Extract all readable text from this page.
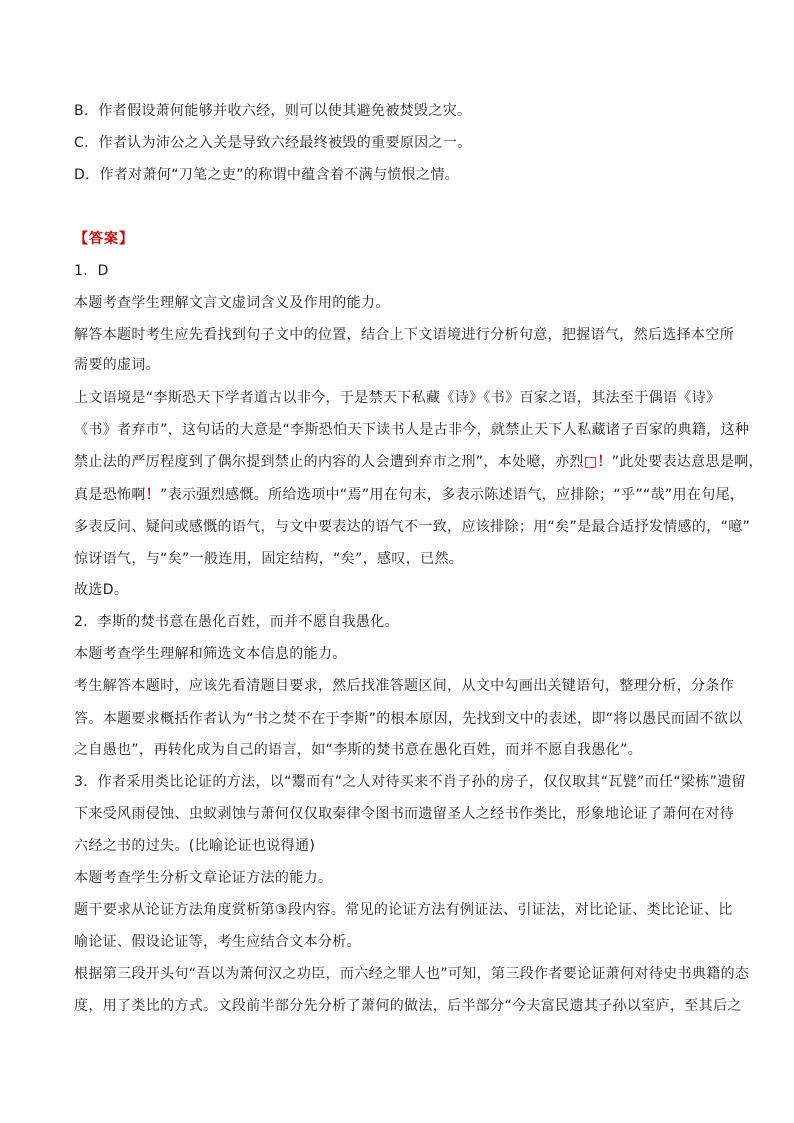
B．作者假设萧何能够并收六经，则可以使其避免被焚毁之灾。
C．作者认为沛公之入关是导致六经最终被毁的重要原因之一。
D．作者对萧何“刀笔之吏”的称谓中蕴含着不满与愤恨之情。
【答案】
1．D
本题考查学生理解文言文虚词含义及作用的能力。
解答本题时考生应先看找到句子文中的位置，结合上下文语境进行分析句意，把握语气，然后选择本空所
需要的虚词。
上文语境是“李斯恐天下学者道古以非今，于是禁天下私藏《诗》《书》百家之语，其法至于偶语《诗》
《书》者弃市”，这句话的大意是“李斯恐怕天下读书人是古非今，就禁止天下人私藏诸子百家的典籍，这种
禁止法的严厉程度到了偶尔提到禁止的内容的人会遭到弃市之刑”，本处噫，亦烈□！”此处要表达意思是啊，
真是恐怖啊！”表示强烈感慨。所给选项中“焉”用在句末，多表示陈述语气，应排除；“乎”“哉”用在句尾，
多表反问、疑问或感慨的语气，与文中要表达的语气不一致，应该排除；用“矣”是最合适抒发情感的，“噫”
惊讶语气，与“矣”一般连用，固定结构，“矣”，感叹，已然。
故选D。
2．李斯的焚书意在愚化百姓，而并不愿自我愚化。
本题考查学生理解和筛选文本信息的能力。
考生解答本题时，应该先看清题目要求，然后找准答题区间，从文中勾画出关键语句，整理分析，分条作
答。本题要求概括作者认为“书之焚不在于李斯”的根本原因，先找到文中的表述，即“将以愚民而固不欲以
之自愚也”，再转化成为自己的语言，如“李斯的焚书意在愚化百姓，而并不愿自我愚化”。
3．作者采用类比论证的方法，以“鬻而有”之人对待买来不肖子孙的房子，仅仅取其“瓦甓”而任“梁栋”遗留
下来受风雨侵蚀、虫蚁剥蚀与萧何仅仅取秦律令图书而遗留圣人之经书作类比，形象地论证了萧何在对待
六经之书的过失。(比喻论证也说得通)
本题考查学生分析文章论证方法的能力。
题干要求从论证方法角度赏析第③段内容。常见的论证方法有例证法、引证法，对比论证、类比论证、比
喻论证、假设论证等，考生应结合文本分析。
根据第三段开头句“吾以为萧何汉之功臣，而六经之罪人也”可知，第三段作者要论证萧何对待史书典籍的态
度，用了类比的方式。文段前半部分先分析了萧何的做法，后半部分“今夫富民遗其子孙以室庐，至其后之
